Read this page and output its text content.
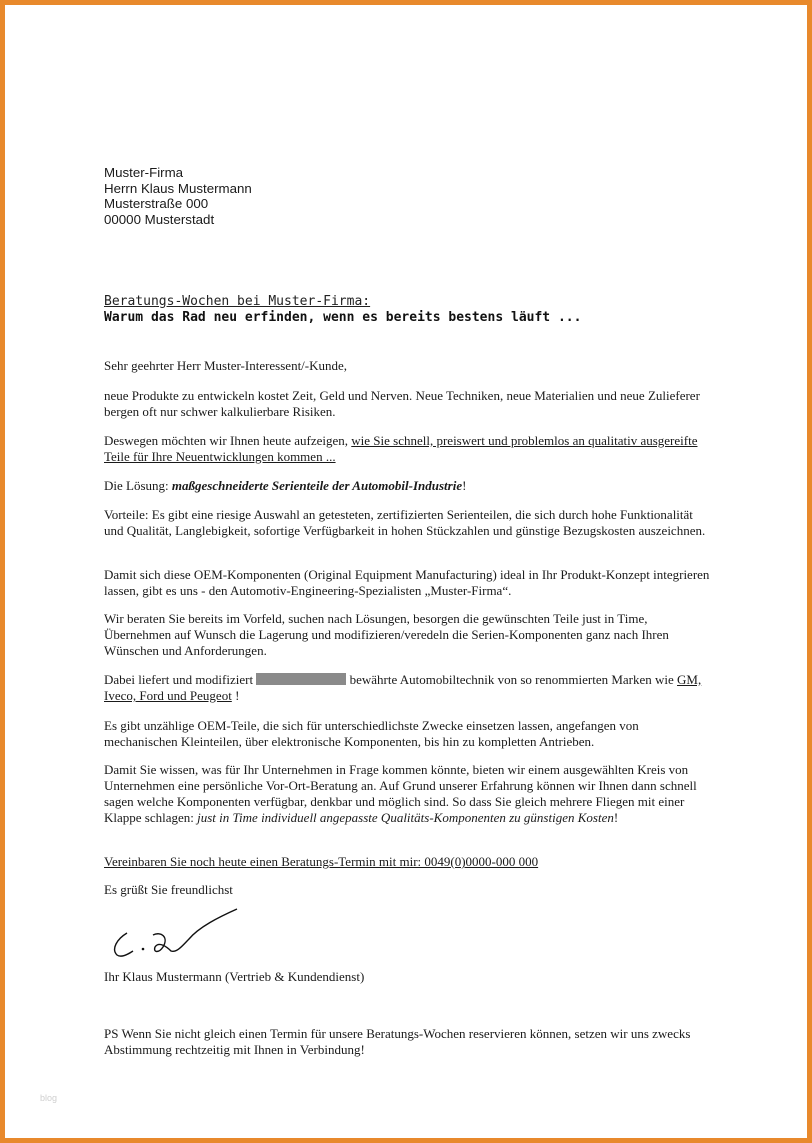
Muster-Firma
Herrn Klaus Mustermann
Musterstraße 000
00000 Musterstadt
Beratungs-Wochen bei Muster-Firma:
Warum das Rad neu erfinden, wenn es bereits bestens läuft ...
Sehr geehrter Herr Muster-Interessent/-Kunde,
neue Produkte zu entwickeln kostet Zeit, Geld und Nerven. Neue Techniken, neue Materialien und neue Zulieferer bergen oft nur schwer kalkulierbare Risiken.
Deswegen möchten wir Ihnen heute aufzeigen, wie Sie schnell, preiswert und problemlos an qualitativ ausgereifte Teile für Ihre Neuentwicklungen kommen ...
Die Lösung: maßgeschneiderte Serienteile der Automobil-Industrie!
Vorteile: Es gibt eine riesige Auswahl an getesteten, zertifizierten Serienteilen, die sich durch hohe Funktionalität und Qualität, Langlebigkeit, sofortige Verfügbarkeit in hohen Stückzahlen und günstige Bezugskosten auszeichnen.
Damit sich diese OEM-Komponenten (Original Equipment Manufacturing) ideal in Ihr Produkt-Konzept integrieren lassen, gibt es uns - den Automotiv-Engineering-Spezialisten „Muster-Firma“.
Wir beraten Sie bereits im Vorfeld, suchen nach Lösungen, besorgen die gewünschten Teile just in Time, Übernehmen auf Wunsch die Lagerung und modifizieren/veredeln die Serien-Komponenten ganz nach Ihren Wünschen und Anforderungen.
Dabei liefert und modifiziert	bewährte Automobiltechnik von so renommierten Marken wie GM, Iveco, Ford und Peugeot !
Es gibt unzählige OEM-Teile, die sich für unterschiedlichste Zwecke einsetzen lassen, angefangen von mechanischen Kleinteilen, über elektronische Komponenten, bis hin zu kompletten Antrieben.
Damit Sie wissen, was für Ihr Unternehmen in Frage kommen könnte, bieten wir einem ausgewählten Kreis von Unternehmen eine persönliche Vor-Ort-Beratung an. Auf Grund unserer Erfahrung können wir Ihnen dann schnell sagen welche Komponenten verfügbar, denkbar und möglich sind. So dass Sie gleich mehrere Fliegen mit einer Klappe schlagen: just in Time individuell angepasste Qualitäts-Komponenten zu günstigen Kosten!
Vereinbaren Sie noch heute einen Beratungs-Termin mit mir: 0049(0)0000-000 000
Es grüßt Sie freundlichst
Ihr Klaus Mustermann (Vertrieb & Kundendienst)
PS Wenn Sie nicht gleich einen Termin für unsere Beratungs-Wochen reservieren können, setzen wir uns zwecks Abstimmung rechtzeitig mit Ihnen in Verbindung!
blog
